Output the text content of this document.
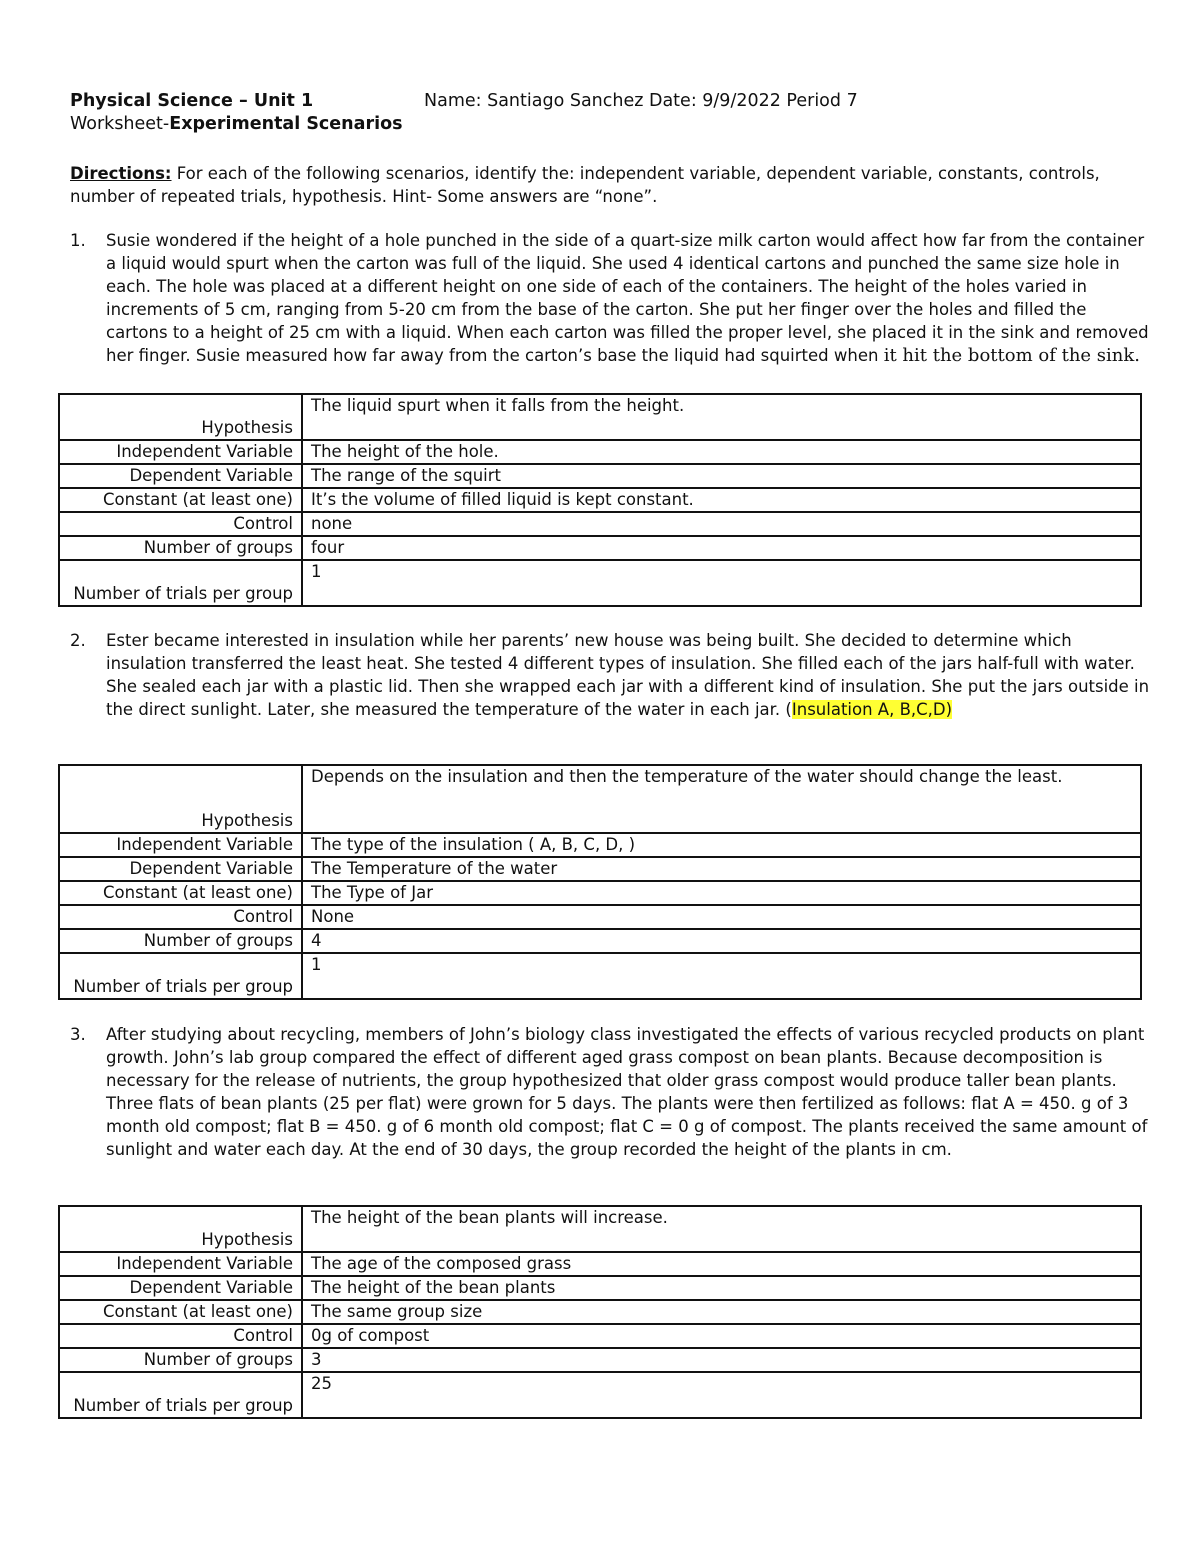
Physical Science – Unit 1
Worksheet-Experimental Scenarios
Name: Santiago Sanchez Date: 9/9/2022 Period 7
Directions: For each of the following scenarios, identify the: independent variable, dependent variable, constants, controls, number of repeated trials, hypothesis. Hint- Some answers are “none”.
1. Susie wondered if the height of a hole punched in the side of a quart-size milk carton would affect how far from the container a liquid would spurt when the carton was full of the liquid. She used 4 identical cartons and punched the same size hole in each. The hole was placed at a different height on one side of each of the containers. The height of the holes varied in increments of 5 cm, ranging from 5-20 cm from the base of the carton. She put her finger over the holes and filled the cartons to a height of 25 cm with a liquid. When each carton was filled the proper level, she placed it in the sink and removed her finger. Susie measured how far away from the carton’s base the liquid had squirted when it hit the bottom of the sink.
Hypothesis	The liquid spurt when it falls from the height.
Independent Variable	The height of the hole.
Dependent Variable	The range of the squirt
Constant (at least one)	It’s the volume of filled liquid is kept constant.
Control	none
Number of groups	four
Number of trials per group	1
2. Ester became interested in insulation while her parents’ new house was being built. She decided to determine which insulation transferred the least heat. She tested 4 different types of insulation. She filled each of the jars half-full with water. She sealed each jar with a plastic lid. Then she wrapped each jar with a different kind of insulation. She put the jars outside in the direct sunlight. Later, she measured the temperature of the water in each jar. (Insulation A, B,C,D)
Hypothesis	Depends on the insulation and then the temperature of the water should change the least.
Independent Variable	The type of the insulation ( A, B, C, D, )
Dependent Variable	The Temperature of the water
Constant (at least one)	The Type of Jar
Control	None
Number of groups	4
Number of trials per group	1
3. After studying about recycling, members of John’s biology class investigated the effects of various recycled products on plant growth. John’s lab group compared the effect of different aged grass compost on bean plants. Because decomposition is necessary for the release of nutrients, the group hypothesized that older grass compost would produce taller bean plants. Three flats of bean plants (25 per flat) were grown for 5 days. The plants were then fertilized as follows: flat A = 450. g of 3 month old compost; flat B = 450. g of 6 month old compost; flat C = 0 g of compost. The plants received the same amount of sunlight and water each day. At the end of 30 days, the group recorded the height of the plants in cm.
Hypothesis	The height of the bean plants will increase.
Independent Variable	The age of the composed grass
Dependent Variable	The height of the bean plants
Constant (at least one)	The same group size
Control	0g of compost
Number of groups	3
Number of trials per group	25
